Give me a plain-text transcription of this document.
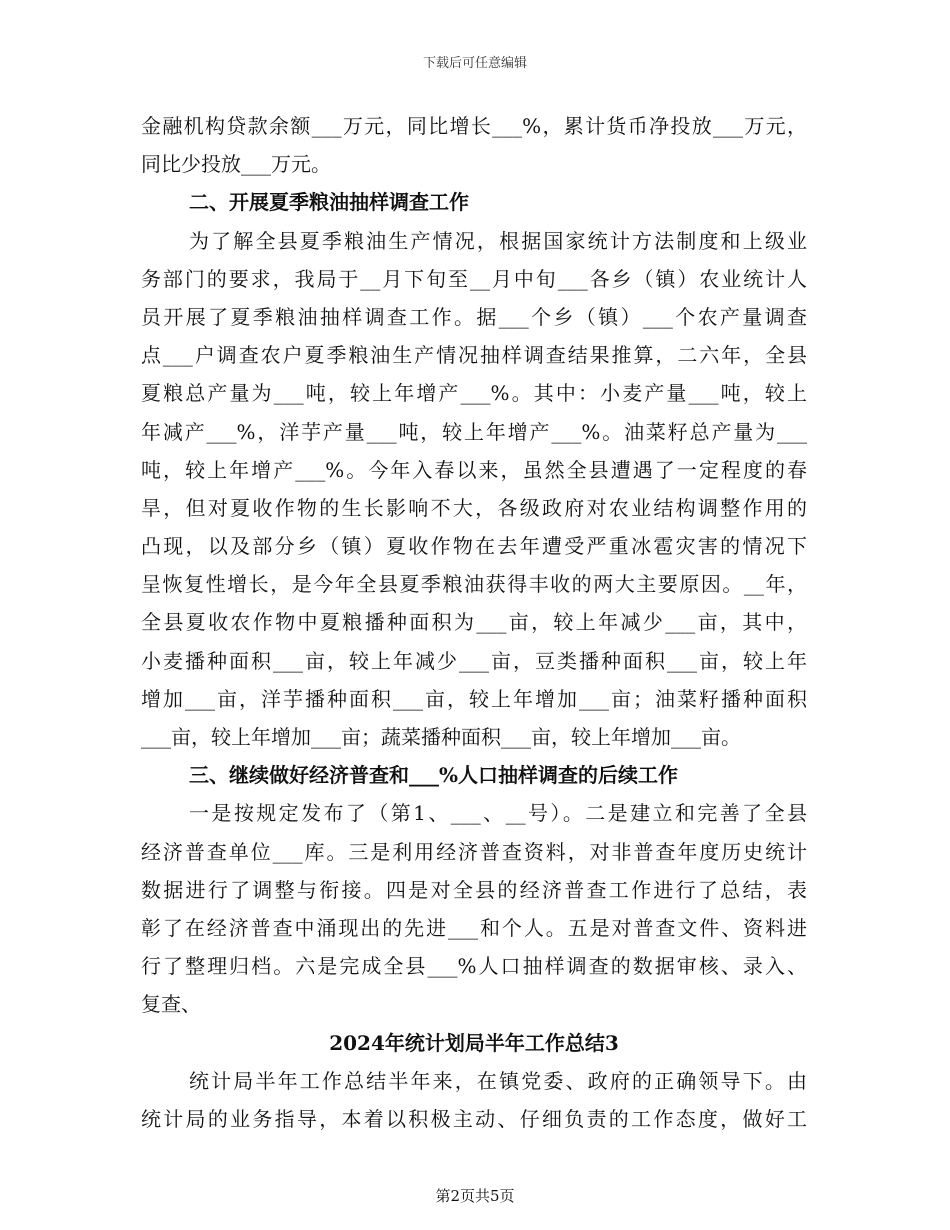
下载后可任意编辑
金融机构贷款余额___万元，同比增长___%，累计货币净投放___万元，
同比少投放___万元。
二、开展夏季粮油抽样调查工作
为了解全县夏季粮油生产情况，根据国家统计方法制度和上级业
务部门的要求，我局于__月下旬至__月中旬___各乡（镇）农业统计人
员开展了夏季粮油抽样调查工作。据___个乡（镇）___个农产量调查
点___户调查农户夏季粮油生产情况抽样调查结果推算，二六年，全县
夏粮总产量为___吨，较上年增产___%。其中：小麦产量___吨，较上
年减产___%，洋芋产量___吨，较上年增产___%。油菜籽总产量为___
吨，较上年增产___%。今年入春以来，虽然全县遭遇了一定程度的春
旱，但对夏收作物的生长影响不大，各级政府对农业结构调整作用的
凸现，以及部分乡（镇）夏收作物在去年遭受严重冰雹灾害的情况下
呈恢复性增长，是今年全县夏季粮油获得丰收的两大主要原因。__年，
全县夏收农作物中夏粮播种面积为___亩，较上年减少___亩，其中，
小麦播种面积___亩，较上年减少___亩，豆类播种面积___亩，较上年
增加___亩，洋芋播种面积___亩，较上年增加___亩；油菜籽播种面积
___亩，较上年增加___亩；蔬菜播种面积___亩，较上年增加___亩。
三、继续做好经济普查和___%人口抽样调查的后续工作
一是按规定发布了（第1、___、__号）。二是建立和完善了全县
经济普查单位___库。三是利用经济普查资料，对非普查年度历史统计
数据进行了调整与衔接。四是对全县的经济普查工作进行了总结，表
彰了在经济普查中涌现出的先进___和个人。五是对普查文件、资料进
行了整理归档。六是完成全县___%人口抽样调查的数据审核、录入、
复查、
2024年统计划局半年工作总结3
统计局半年工作总结半年来，在镇党委、政府的正确领导下。由
统计局的业务指导，本着以积极主动、仔细负责的工作态度，做好工
第2页共5页
